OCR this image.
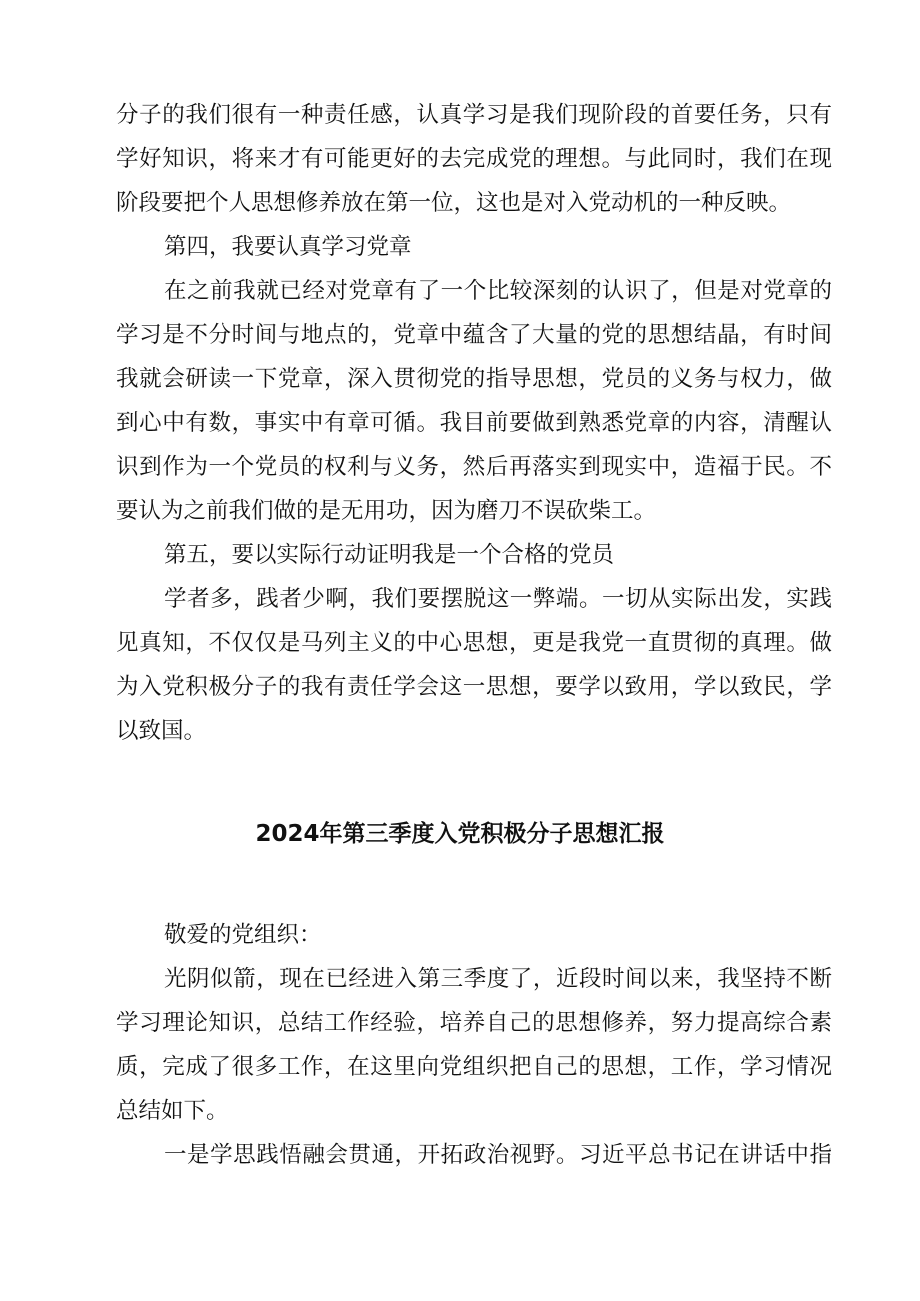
分子的我们很有一种责任感，认真学习是我们现阶段的首要任务，只有
学好知识，将来才有可能更好的去完成党的理想。与此同时，我们在现
阶段要把个人思想修养放在第一位，这也是对入党动机的一种反映。
第四，我要认真学习党章
在之前我就已经对党章有了一个比较深刻的认识了，但是对党章的
学习是不分时间与地点的，党章中蕴含了大量的党的思想结晶，有时间
我就会研读一下党章，深入贯彻党的指导思想，党员的义务与权力，做
到心中有数，事实中有章可循。我目前要做到熟悉党章的内容，清醒认
识到作为一个党员的权利与义务，然后再落实到现实中，造福于民。不
要认为之前我们做的是无用功，因为磨刀不误砍柴工。
第五，要以实际行动证明我是一个合格的党员
学者多，践者少啊，我们要摆脱这一弊端。一切从实际出发，实践
见真知，不仅仅是马列主义的中心思想，更是我党一直贯彻的真理。做
为入党积极分子的我有责任学会这一思想，要学以致用，学以致民，学
以致国。
2024年第三季度入党积极分子思想汇报
敬爱的党组织：
光阴似箭，现在已经进入第三季度了，近段时间以来，我坚持不断
学习理论知识，总结工作经验，培养自己的思想修养，努力提高综合素
质，完成了很多工作，在这里向党组织把自己的思想，工作，学习情况
总结如下。
一是学思践悟融会贯通，开拓政治视野。习近平总书记在讲话中指
